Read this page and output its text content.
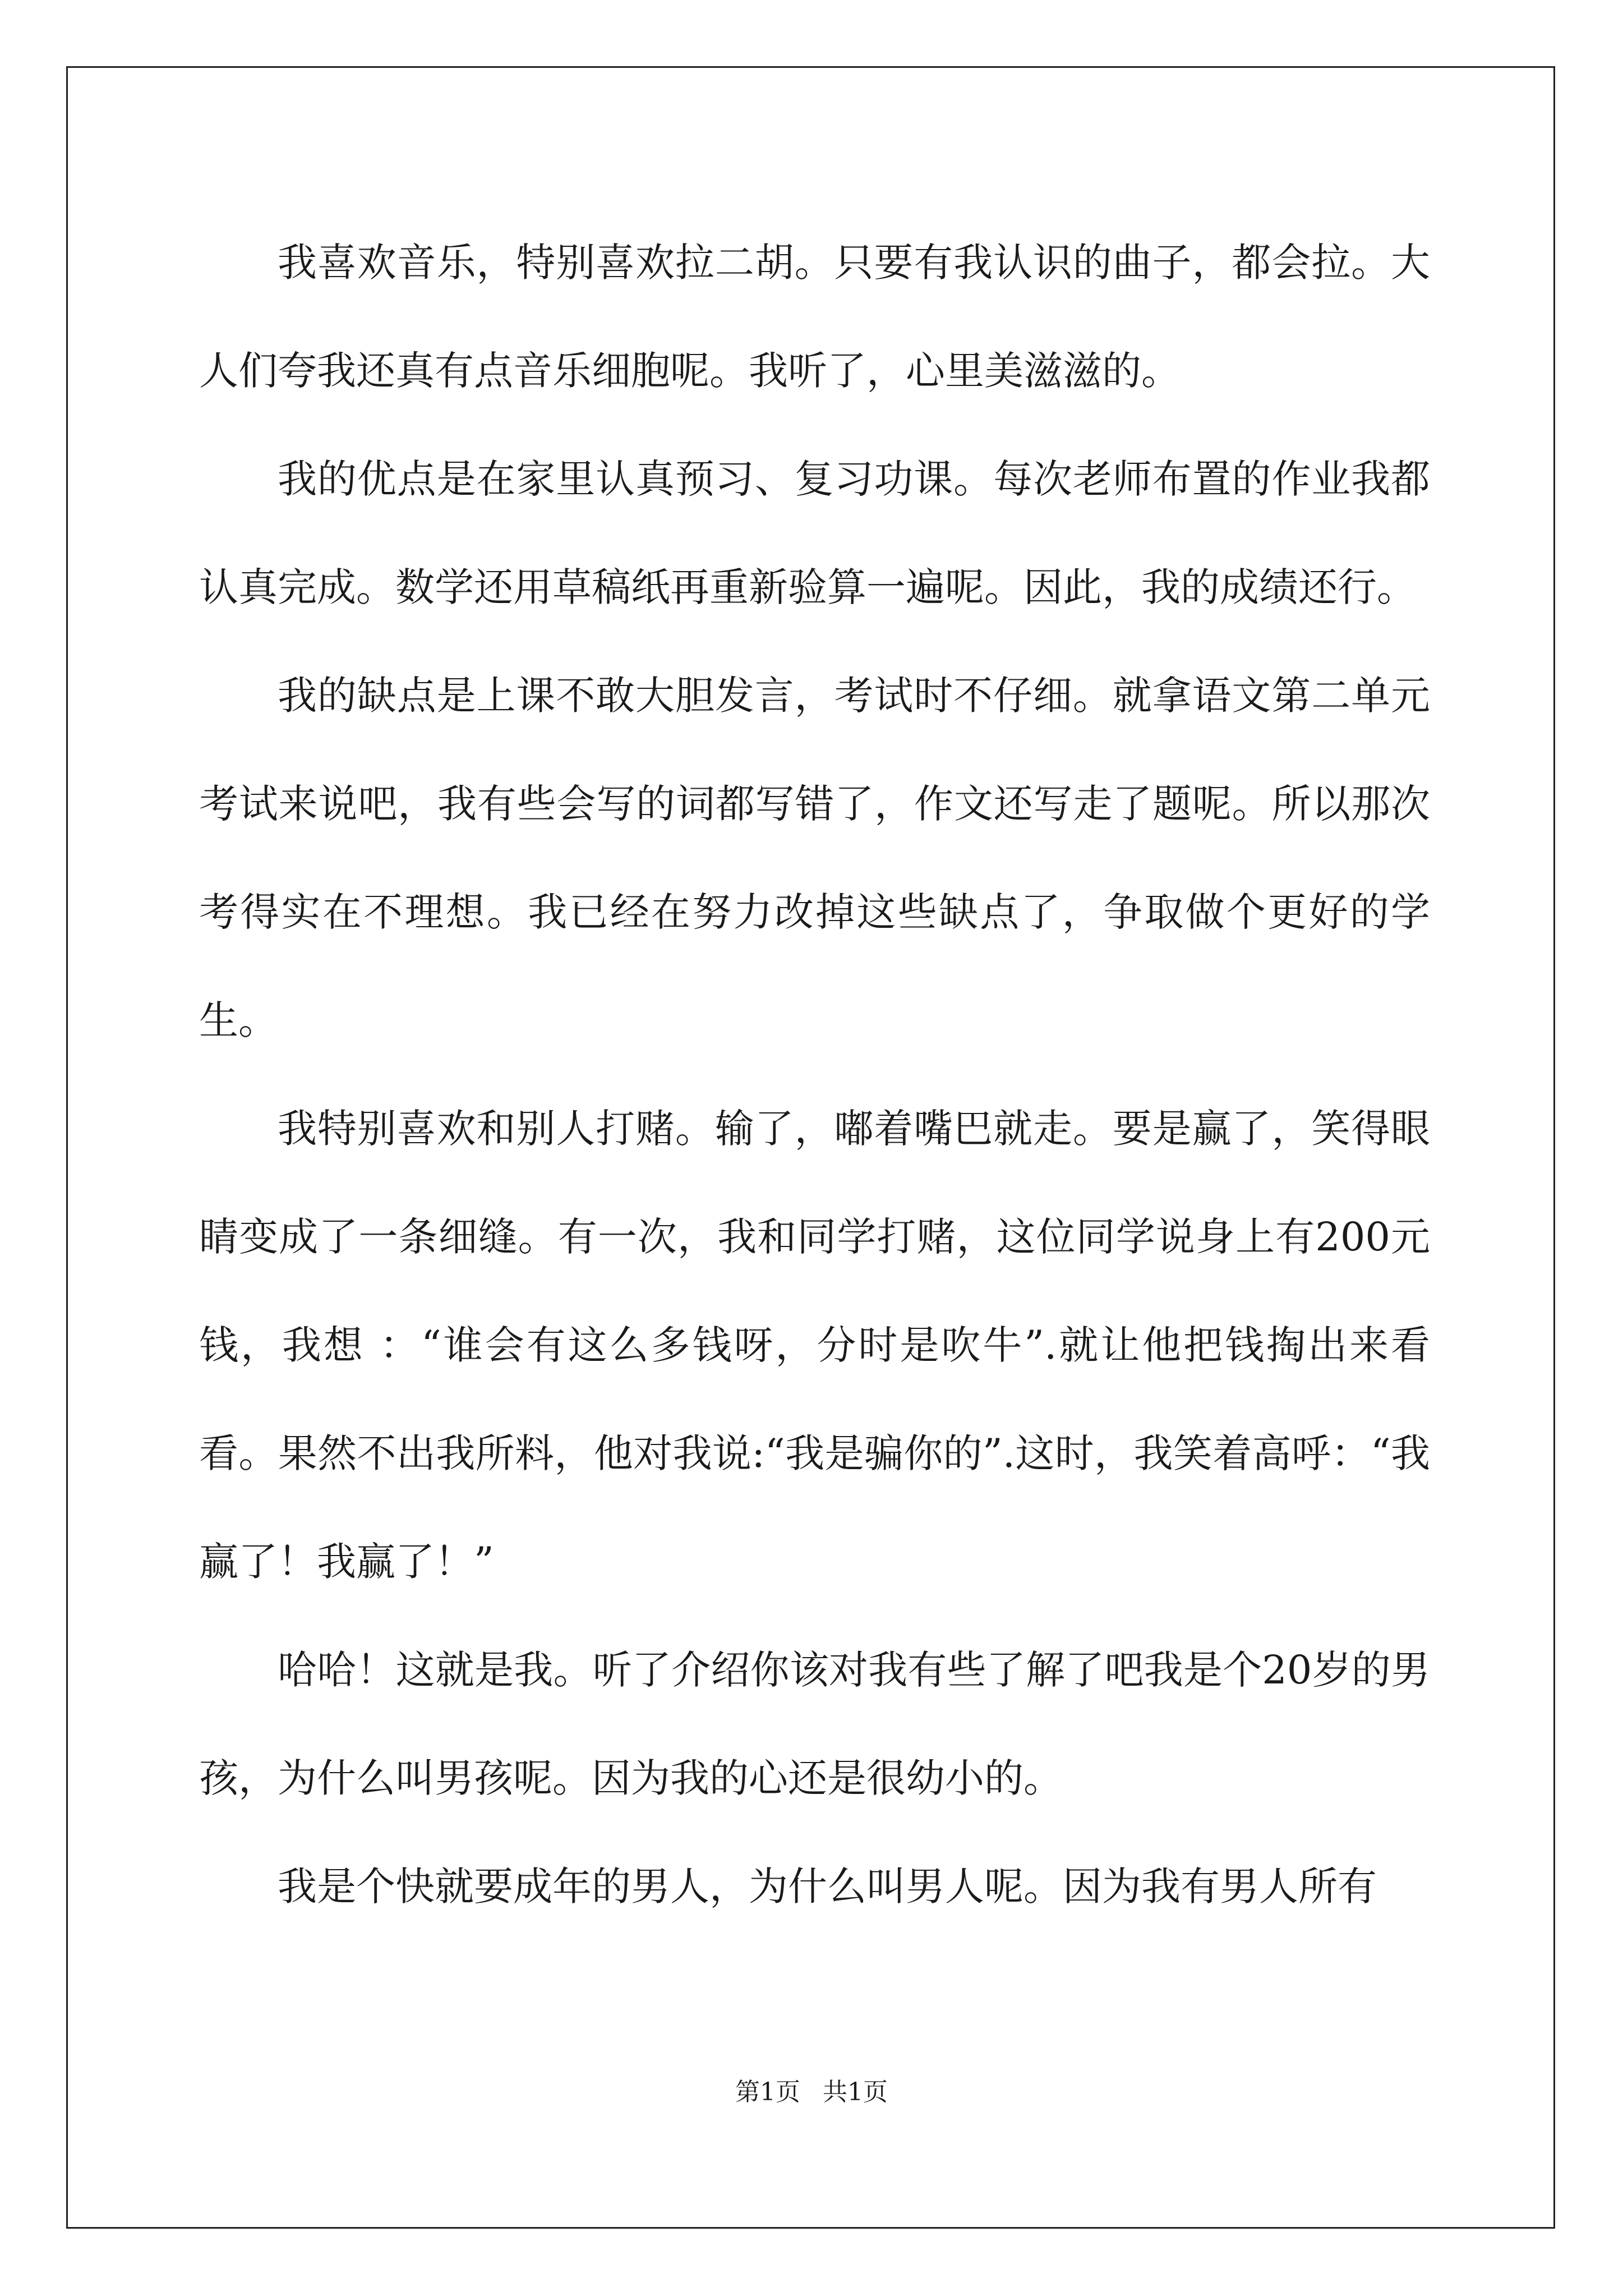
我喜欢音乐，特别喜欢拉二胡。只要有我认识的曲子，都会拉。大人们夸我还真有点音乐细胞呢。我听了，心里美滋滋的。

我的优点是在家里认真预习、复习功课。每次老师布置的作业我都认真完成。数学还用草稿纸再重新验算一遍呢。因此，我的成绩还行。

我的缺点是上课不敢大胆发言，考试时不仔细。就拿语文第二单元考试来说吧，我有些会写的词都写错了，作文还写走了题呢。所以那次考得实在不理想。我已经在努力改掉这些缺点了，争取做个更好的学生。

我特别喜欢和别人打赌。输了，嘟着嘴巴就走。要是赢了，笑得眼睛变成了一条细缝。有一次，我和同学打赌，这位同学说身上有200元钱，我想 ：“谁会有这么多钱呀，分时是吹牛”.就让他把钱掏出来看看。果然不出我所料，他对我说:“我是骗你的”.这时，我笑着高呼：“我赢了！我赢了！”

哈哈！这就是我。听了介绍你该对我有些了解了吧我是个20岁的男孩，为什么叫男孩呢。因为我的心还是很幼小的。

我是个快就要成年的男人，为什么叫男人呢。因为我有男人所有

第1页 共1页
